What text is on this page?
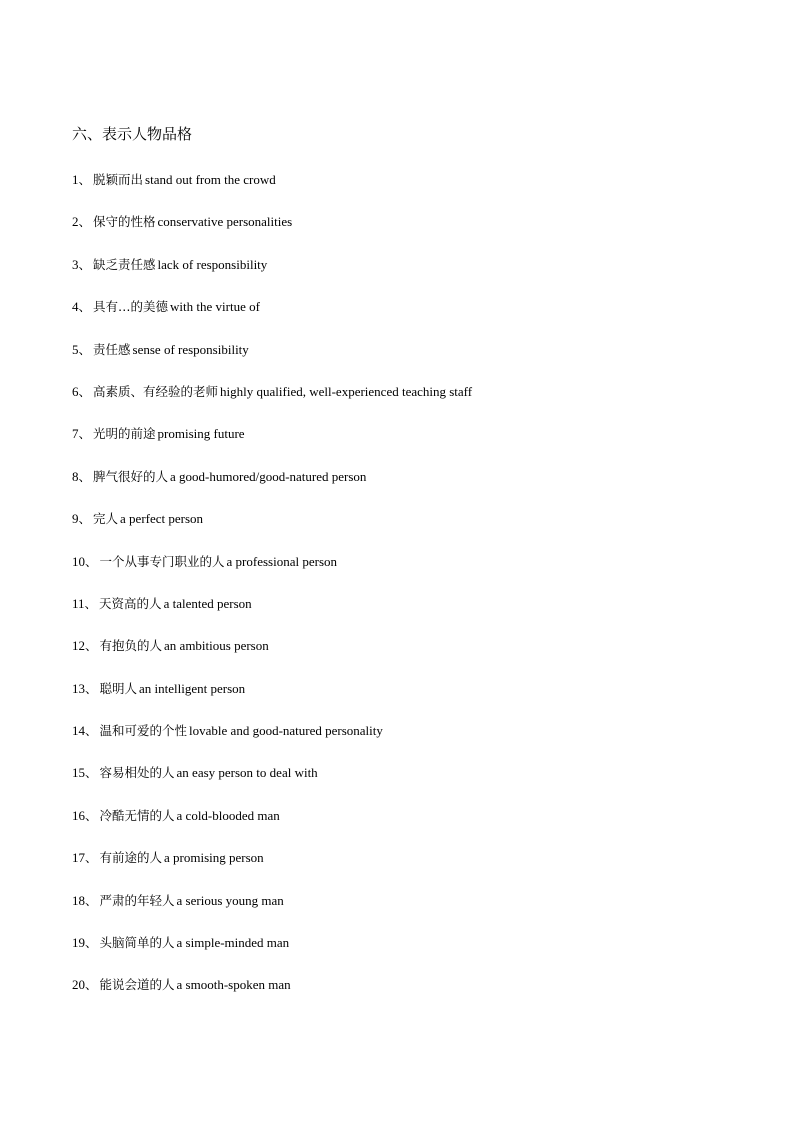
六、表示人物品格
1、 脱颖而出 stand out from the crowd
2、 保守的性格 conservative personalities
3、 缺乏责任感 lack of responsibility
4、 具有…的美德 with the virtue of
5、 责任感 sense of responsibility
6、 高素质、有经验的老师 highly qualified, well-experienced teaching staff
7、 光明的前途 promising future
8、 脾气很好的人 a good-humored/good-natured person
9、 完人 a perfect person
10、 一个从事专门职业的人 a professional person
11、 天资高的人 a talented person
12、 有抱负的人 an ambitious person
13、 聪明人 an intelligent person
14、 温和可爱的个性 lovable and good-natured personality
15、 容易相处的人 an easy person to deal with
16、 冷酷无情的人 a cold-blooded man
17、 有前途的人 a promising person
18、 严肃的年轻人 a serious young man
19、 头脑简单的人 a simple-minded man
20、 能说会道的人 a smooth-spoken man
